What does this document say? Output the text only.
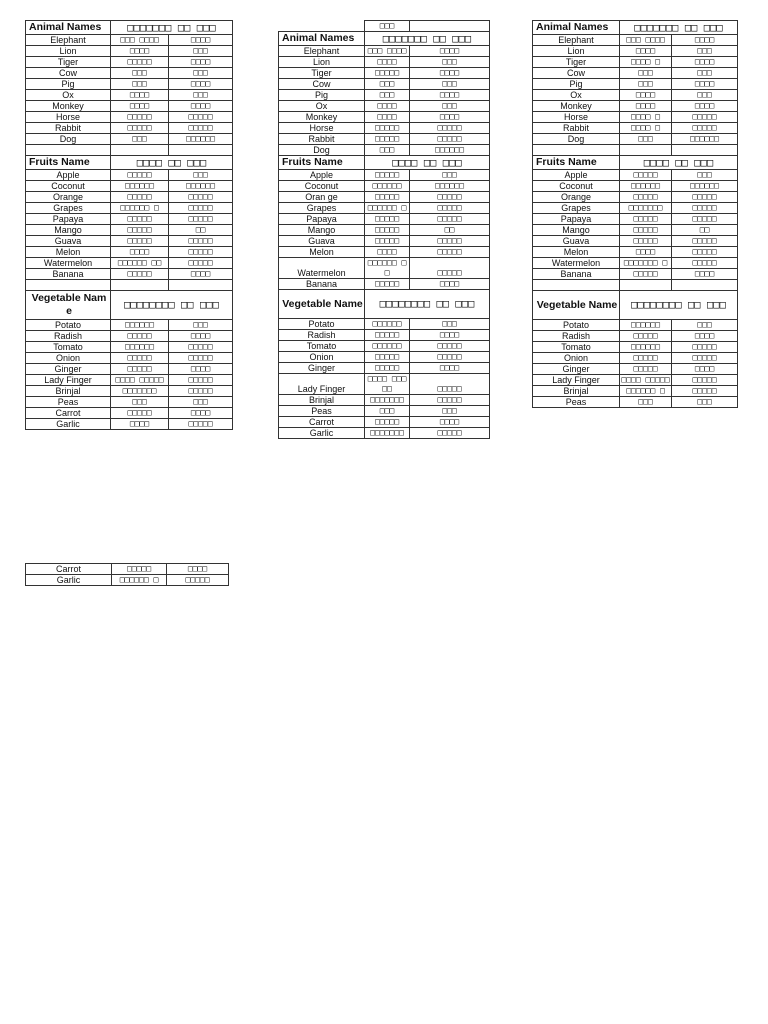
Animal Names	□□□□□□□ □□ □□□	
Elephant	□□□ □□□□	□□□□
Lion	□□□□	□□□
Tiger	□□□□□	□□□□
Cow	□□□	□□□
Pig	□□□	□□□□
Ox	□□□□	□□□
Monkey	□□□□	□□□□
Horse	□□□□□	□□□□□
Rabbit	□□□□□	□□□□□
Dog	□□□	□□□□□□

Fruits Name	□□□□ □□ □□□	
Apple	□□□□□	□□□
Coconut	□□□□□□	□□□□□□
Orange	□□□□□	□□□□□
Grapes	□□□□□□ □	□□□□□
Papaya	□□□□□	□□□□□
Mango	□□□□□	□□
Guava	□□□□□	□□□□□
Melon	□□□□	□□□□□
Watermelon	□□□□□□ □□	□□□□□
Banana	□□□□□	□□□□

Vegetable Name	□□□□□□□□ □□ □□□	
Potato	□□□□□□	□□□
Radish	□□□□□	□□□□
Tomato	□□□□□□	□□□□□
Onion	□□□□□	□□□□□
Ginger	□□□□□	□□□□
Lady Finger	□□□□ □□□□□	□□□□□
Brinjal	□□□□□□□	□□□□□
Peas	□□□	□□□
Carrot	□□□□□	□□□□
Garlic	□□□□	□□□□□
	□□□	
Animal Names	□□□□□□□ □□ □□□	
Elephant	□□□ □□□□	□□□□
Lion	□□□□	□□□
Tiger	□□□□□	□□□□
Cow	□□□	□□□
Pig	□□□	□□□□
Ox	□□□□	□□□
Monkey	□□□□	□□□□
Horse	□□□□□	□□□□□
Rabbit	□□□□□	□□□□□
Dog	□□□	□□□□□□
Fruits Name	□□□□ □□ □□□	
Apple	□□□□□	□□□
Coconut	□□□□□□	□□□□□□
Oran ge	□□□□□	□□□□□
Grapes	□□□□□□ □	□□□□□
Papaya	□□□□□	□□□□□
Mango	□□□□□	□□
Guava	□□□□□	□□□□□
Melon	□□□□	□□□□□
Watermelon	□□□□□□ □□	□□□□□
Banana	□□□□□	□□□□
Vegetable Name	□□□□□□□□ □□ □□□	
Potato	□□□□□□	□□□
Radish	□□□□□	□□□□
Tomato	□□□□□□	□□□□□
Onion	□□□□□	□□□□□
Ginger	□□□□□	□□□□
Lady Finger	□□□□ □□□□□	□□□□□
Brinjal	□□□□□□□	□□□□□
Peas	□□□	□□□
Carrot	□□□□□	□□□□
Garlic	□□□□□□□	□□□□□
Animal Names	□□□□□□□ □□ □□□	
Elephant	□□□ □□□□	□□□□
Lion	□□□□	□□□
Tiger	□□□□ □	□□□□
Cow	□□□	□□□
Pig	□□□	□□□□
Ox	□□□□	□□□
Monkey	□□□□	□□□□
Horse	□□□□ □	□□□□□
Rabbit	□□□□ □	□□□□□
Dog	□□□	□□□□□□

Fruits Name	□□□□ □□ □□□	
Apple	□□□□□	□□□
Coconut	□□□□□□	□□□□□□
Orange	□□□□□	□□□□□
Grapes	□□□□□□□	□□□□□
Papaya	□□□□□	□□□□□
Mango	□□□□□	□□
Guava	□□□□□	□□□□□
Melon	□□□□	□□□□□
Watermelon	□□□□□□□ □	□□□□□
Banana	□□□□□	□□□□

Vegetable Name	□□□□□□□□ □□ □□□	
Potato	□□□□□□	□□□
Radish	□□□□□	□□□□
Tomato	□□□□□□	□□□□□
Onion	□□□□□	□□□□□
Ginger	□□□□□	□□□□
Lady Finger	□□□□ □□□□□	□□□□□
Brinjal	□□□□□□ □	□□□□□
Peas	□□□	□□□
Carrot	□□□□□	□□□□
Garlic	□□□□□□ □	□□□□□
